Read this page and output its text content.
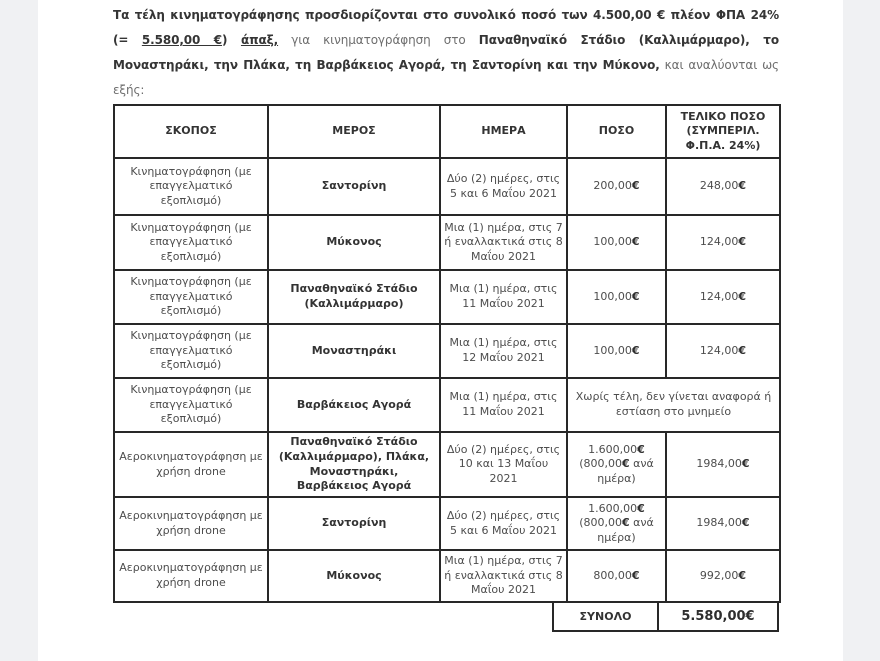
Τα τέλη κινηματογράφησης προσδιορίζονται στο συνολικό ποσό των 4.500,00 € πλέον ΦΠΑ 24% (= 5.580,00 €) άπαξ, για κινηματογράφηση στο Παναθηναϊκό Στάδιο (Καλλιμάρμαρο), το Μοναστηράκι, την Πλάκα, τη Βαρβάκειος Αγορά, τη Σαντορίνη και την Μύκονο, και αναλύονται ως εξής:

ΣΚΟΠΟΣ	ΜΕΡΟΣ	ΗΜΕΡΑ	ΠΟΣΟ	ΤΕΛΙΚΟ ΠΟΣΟ (ΣΥΜΠΕΡΙΛ. Φ.Π.Α. 24%)
Κινηματογράφηση (με επαγγελματικό εξοπλισμό)	Σαντορίνη	Δύο (2) ημέρες, στις 5 και 6 Μαΐου 2021	200,00€	248,00€
Κινηματογράφηση (με επαγγελματικό εξοπλισμό)	Μύκονος	Μια (1) ημέρα, στις 7 ή εναλλακτικά στις 8 Μαΐου 2021	100,00€	124,00€
Κινηματογράφηση (με επαγγελματικό εξοπλισμό)	Παναθηναϊκό Στάδιο (Καλλιμάρμαρο)	Μια (1) ημέρα, στις 11 Μαΐου 2021	100,00€	124,00€
Κινηματογράφηση (με επαγγελματικό εξοπλισμό)	Μοναστηράκι	Μια (1) ημέρα, στις 12 Μαΐου 2021	100,00€	124,00€
Κινηματογράφηση (με επαγγελματικό εξοπλισμό)	Βαρβάκειος Αγορά	Μια (1) ημέρα, στις 11 Μαΐου 2021	Χωρίς τέλη, δεν γίνεται αναφορά ή εστίαση στο μνημείο	
Αεροκινηματογράφηση με χρήση drone	Παναθηναϊκό Στάδιο (Καλλιμάρμαρο), Πλάκα, Μοναστηράκι, Βαρβάκειος Αγορά	Δύο (2) ημέρες, στις 10 και 13 Μαΐου 2021	1.600,00€ (800,00€ ανά ημέρα)	1984,00€
Αεροκινηματογράφηση με χρήση drone	Σαντορίνη	Δύο (2) ημέρες, στις 5 και 6 Μαΐου 2021	1.600,00€ (800,00€ ανά ημέρα)	1984,00€
Αεροκινηματογράφηση με χρήση drone	Μύκονος	Μια (1) ημέρα, στις 7 ή εναλλακτικά στις 8 Μαΐου 2021	800,00€	992,00€
ΣΥΝΟΛΟ	5.580,00 €
